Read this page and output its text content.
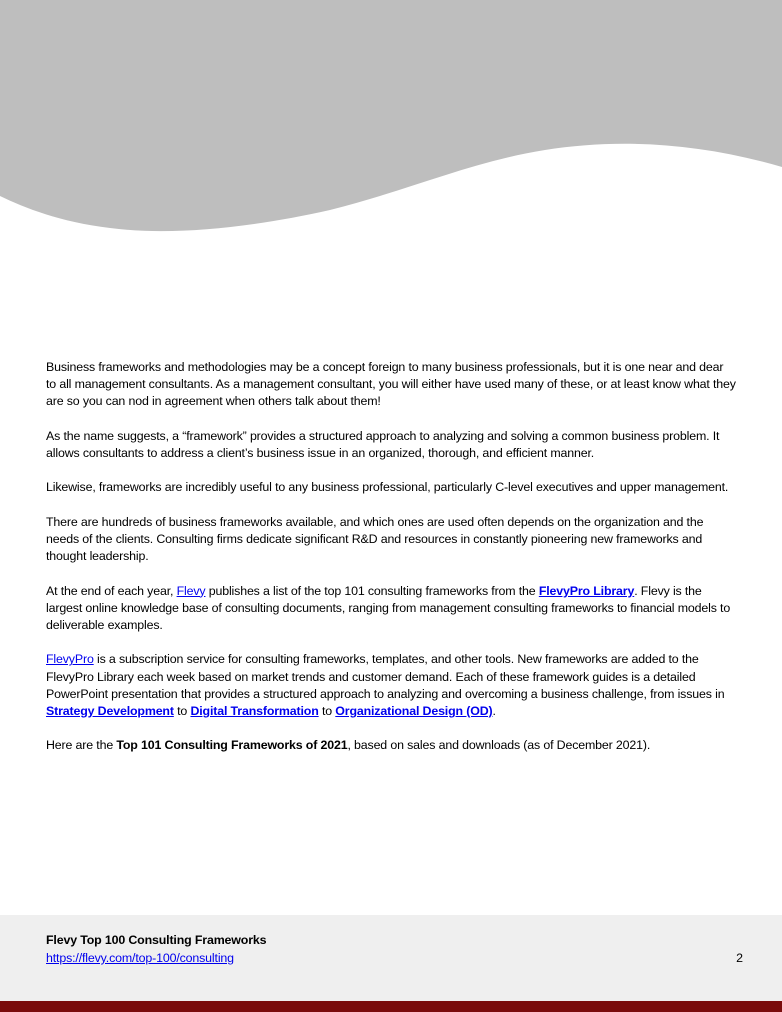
Business frameworks and methodologies may be a concept foreign to many business professionals, but it is one near and dear to all management consultants. As a management consultant, you will either have used many of these, or at least know what they are so you can nod in agreement when others talk about them!

As the name suggests, a “framework” provides a structured approach to analyzing and solving a common business problem. It allows consultants to address a client’s business issue in an organized, thorough, and efficient manner.

Likewise, frameworks are incredibly useful to any business professional, particularly C-level executives and upper management.

There are hundreds of business frameworks available, and which ones are used often depends on the organization and the needs of the clients. Consulting firms dedicate significant R&D and resources in constantly pioneering new frameworks and thought leadership.

At the end of each year, Flevy publishes a list of the top 101 consulting frameworks from the FlevyPro Library. Flevy is the largest online knowledge base of consulting documents, ranging from management consulting frameworks to financial models to deliverable examples.

FlevyPro is a subscription service for consulting frameworks, templates, and other tools. New frameworks are added to the FlevyPro Library each week based on market trends and customer demand. Each of these framework guides is a detailed PowerPoint presentation that provides a structured approach to analyzing and overcoming a business challenge, from issues in Strategy Development to Digital Transformation to Organizational Design (OD).

Here are the Top 101 Consulting Frameworks of 2021, based on sales and downloads (as of December 2021).

Flevy Top 100 Consulting Frameworks
https://flevy.com/top-100/consulting	2
